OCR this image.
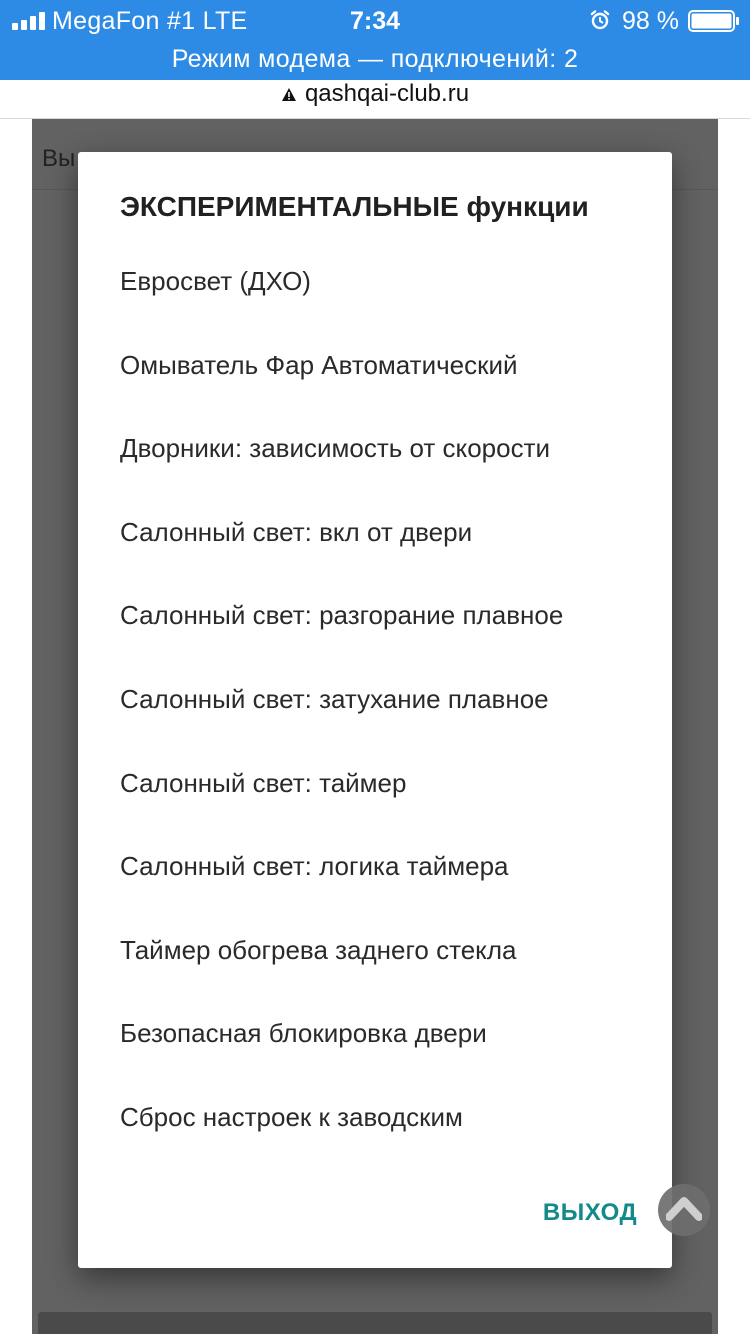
MegaFon #1 LTE	7:34	98 %
Режим модема — подключений: 2
qashqai-club.ru
ЭКСПЕРИМЕНТАЛЬНЫЕ функции
Евросвет (ДХО)
Омыватель Фар Автоматический
Дворники: зависимость от скорости
Салонный свет: вкл от двери
Салонный свет: разгорание плавное
Салонный свет: затухание плавное
Салонный свет: таймер
Салонный свет: логика таймера
Таймер обогрева заднего стекла
Безопасная блокировка двери
Сброс настроек к заводским
ВЫХОД
